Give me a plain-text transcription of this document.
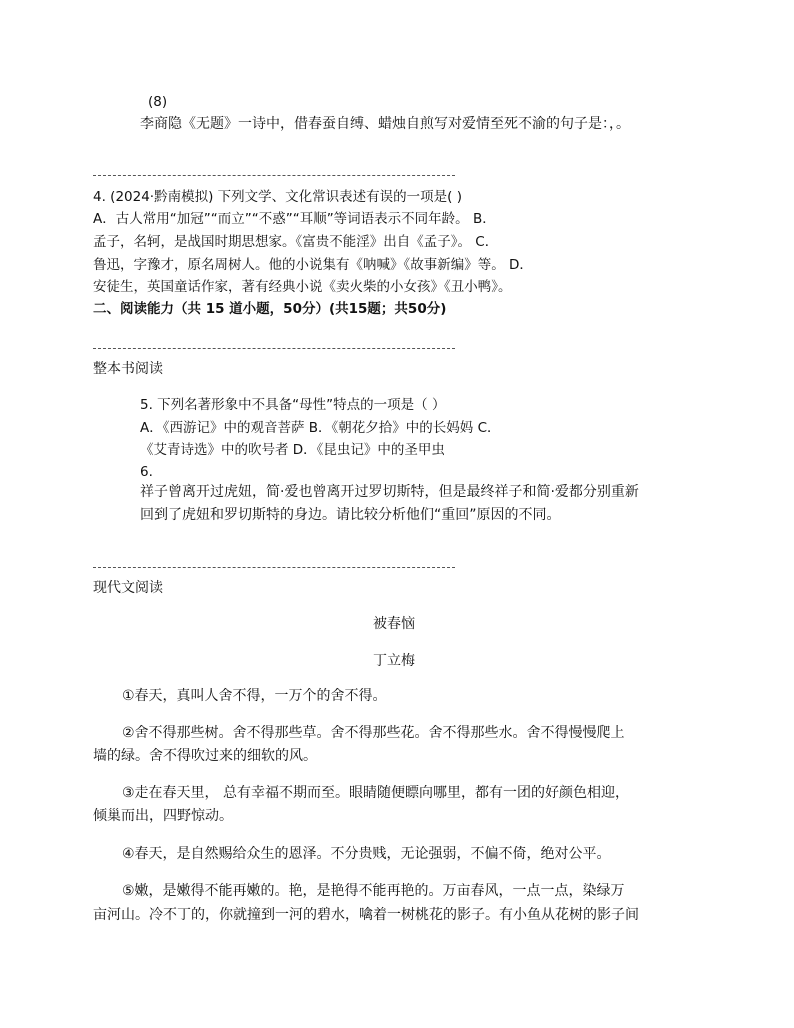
(8)
李商隐《无题》一诗中，借春蚕自缚、蜡烛自煎写对爱情至死不渝的句子是：，。
4. (2024·黔南模拟) 下列文学、文化常识表述有误的一项是( )
A．古人常用“加冠”“而立”“不惑”“耳顺”等词语表示不同年龄。 B．
孟子，名轲，是战国时期思想家。《富贵不能淫》出自《孟子》。 C．
鲁迅，字豫才，原名周树人。他的小说集有《呐喊》《故事新编》等。 D．
安徒生，英国童话作家，著有经典小说《卖火柴的小女孩》《丑小鸭》。
二、阅读能力（共 15 道小题，50分）(共15题；共50分)
整本书阅读
5. 下列名著形象中不具备“母性”特点的一项是（ ）
A．《西游记》中的观音菩萨 B．《朝花夕拾》中的长妈妈 C．
《艾青诗选》中的吹号者 D．《昆虫记》中的圣甲虫
6.
祥子曾离开过虎妞，简·爱也曾离开过罗切斯特，但是最终祥子和简·爱都分别重新
回到了虎妞和罗切斯特的身边。请比较分析他们“重回”原因的不同。
现代文阅读
被春恼
丁立梅
①春天，真叫人舍不得，一万个的舍不得。
②舍不得那些树。舍不得那些草。舍不得那些花。舍不得那些水。舍不得慢慢爬上
墙的绿。舍不得吹过来的细软的风。
③走在春天里， 总有幸福不期而至。眼睛随便瞟向哪里，都有一团的好颜色相迎，
倾巢而出，四野惊动。
④春天，是自然赐给众生的恩泽。不分贵贱，无论强弱，不偏不倚，绝对公平。
⑤嫩，是嫩得不能再嫩的。艳，是艳得不能再艳的。万亩春风，一点一点，染绿万
亩河山。冷不丁的，你就撞到一河的碧水，噙着一树桃花的影子。有小鱼从花树的影子间
